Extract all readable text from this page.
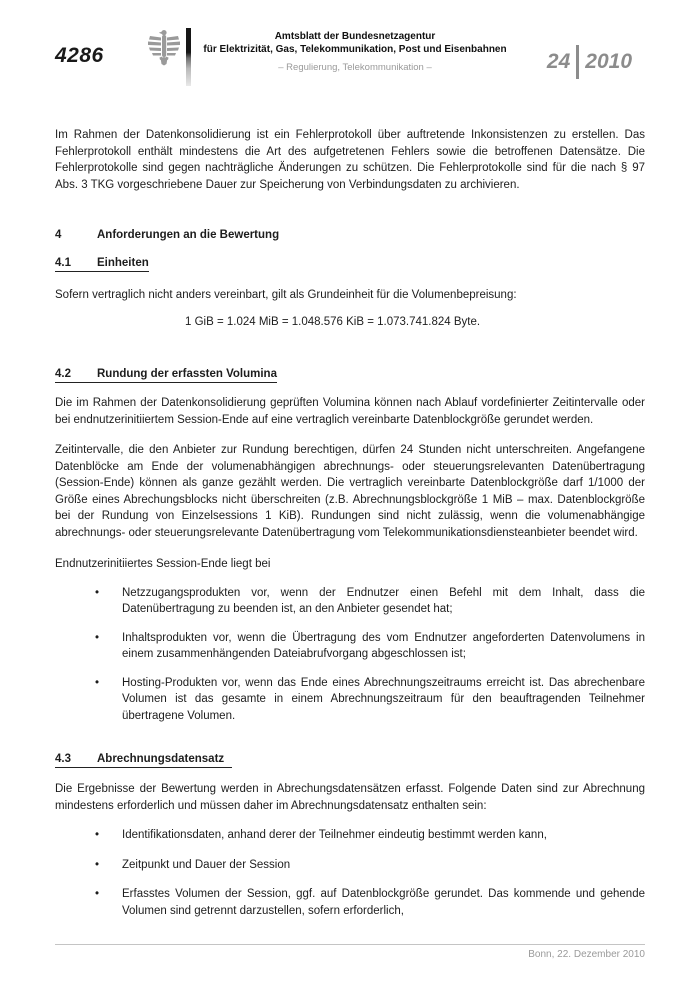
4286
Amtsblatt der Bundesnetzagentur
für Elektrizität, Gas, Telekommunikation, Post und Eisenbahnen
– Regulierung, Telekommunikation –	24 2010

Im Rahmen der Datenkonsolidierung ist ein Fehlerprotokoll über auftretende Inkonsistenzen zu erstellen. Das Fehlerprotokoll enthält mindestens die Art des aufgetretenen Fehlers sowie die betroffenen Datensätze. Die Fehlerprotokolle sind gegen nachträgliche Änderungen zu schützen. Die Fehlerprotokolle sind für die nach § 97 Abs. 3 TKG vorgeschriebene Dauer zur Speicherung von Verbindungsdaten zu archivieren.

4	Anforderungen an die Bewertung
4.1 Einheiten

Sofern vertraglich nicht anders vereinbart, gilt als Grundeinheit für die Volumenbepreisung:

1 GiB = 1.024 MiB = 1.048.576 KiB = 1.073.741.824 Byte.
4.2 Rundung der erfassten Volumina

Die im Rahmen der Datenkonsolidierung geprüften Volumina können nach Ablauf vordefinierter Zeitintervalle oder bei endnutzerinitiiertem Session-Ende auf eine vertraglich vereinbarte Datenblockgröße gerundet werden.

Zeitintervalle, die den Anbieter zur Rundung berechtigen, dürfen 24 Stunden nicht unterschreiten. Angefangene Datenblöcke am Ende der volumenabhängigen abrechnungs- oder steuerungsrelevanten Datenübertragung (Session-Ende) können als ganze gezählt werden. Die vertraglich vereinbarte Datenblockgröße darf 1/1000 der Größe eines Abrechungsblocks nicht überschreiten (z.B. Abrechnungsblockgröße 1 MiB – max. Datenblockgröße bei der Rundung von Einzelsessions 1 KiB). Rundungen sind nicht zulässig, wenn die volumenabhängige abrechnungs- oder steuerungsrelevante Datenübertragung vom Telekommunikationsdiensteanbieter beendet wird.

Endnutzerinitiiertes Session-Ende liegt bei

• Netzzugangsprodukten vor, wenn der Endnutzer einen Befehl mit dem Inhalt, dass die Datenübertragung zu beenden ist, an den Anbieter gesendet hat;
• Inhaltsprodukten vor, wenn die Übertragung des vom Endnutzer angeforderten Datenvolumens in einem zusammenhängenden Dateiabrufvorgang abgeschlossen ist;
• Hosting-Produkten vor, wenn das Ende eines Abrechnungszeitraums erreicht ist. Das abrechenbare Volumen ist das gesamte in einem Abrechnungszeitraum für den beauftragenden Teilnehmer übertragene Volumen.
4.3 Abrechnungsdatensatz

Die Ergebnisse der Bewertung werden in Abrechungsdatensätzen erfasst. Folgende Daten sind zur Abrechnung mindestens erforderlich und müssen daher im Abrechnungsdatensatz enthalten sein:

• Identifikationsdaten, anhand derer der Teilnehmer eindeutig bestimmt werden kann,
• Zeitpunkt und Dauer der Session
• Erfasstes Volumen der Session, ggf. auf Datenblockgröße gerundet. Das kommende und gehende Volumen sind getrennt darzustellen, sofern erforderlich,
Bonn, 22. Dezember 2010
